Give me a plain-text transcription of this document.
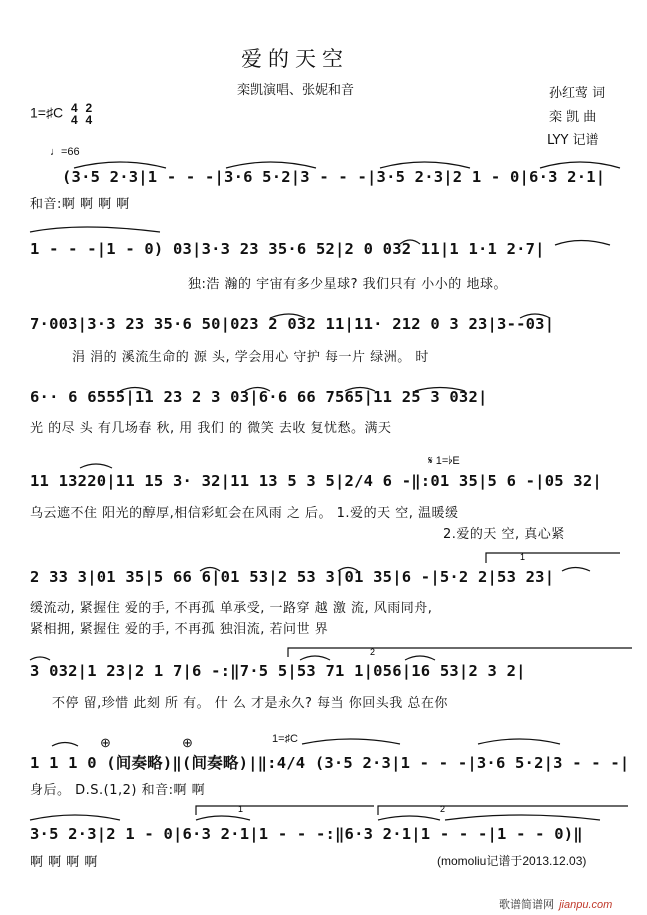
爱的天空
栾凯演唱、张妮和音	孙红莺 词
栾 凯 曲
LYY 记谱
1=♯C 4
4

2
4
♩=66
1
2
1	2
𝄋 1=♭E
1=♯C
⊕	⊕
(3·5 2·3|1 - - -|3·6 5·2|3 - - -|3·5 2·3|2 1 - 0|6·3 2·1|
和音:啊 啊 啊 啊
1 - - -|1 - 0) 03|3·3 23 35·6 52|2 0 032 11|1 1·1 2·7|
独:浩 瀚的 宇宙有多少星球? 我们只有 小小的 地球。
7·003|3·3 23 35·6 50|023 2 032 11|11· 212 0 3 23|3--03|
涓 涓的 溪流生命的 源 头, 学会用心 守护 每一片 绿洲。 时
6·· 6 6555|11 23 2 3 03|6·6 66 7565|11 25 3 032|
光 的尽 头 有几场春 秋, 用 我们 的 微笑 去收 复忧愁。满天
11 13220|11 15 3· 32|11 13 5 3 5|2/4 6 -‖:01 35|5 6 -|05 32|
乌云遮不住 阳光的醇厚,相信彩虹会在风雨 之 后。 1.爱的天 空, 温暖缓
2.爱的天 空, 真心紧
2 33 3|01 35|5 66 6|01 53|2 53 3|01 35|6 -|5·2 2|53 23|
缓流动, 紧握住 爱的手, 不再孤 单承受, 一路穿 越 激 流, 风雨同舟,
紧相拥, 紧握住 爱的手, 不再孤 独泪流, 若问世 界
3 032|1 23|2 1 7|6 -:‖7·5 5|53 71 1|056|16 53|2 3 2|
不停 留,珍惜 此刻 所 有。 什 么 才是永久? 每当 你回头我 总在你
1 1 1 0 (间奏略)‖(间奏略)|‖:4/4 (3·5 2·3|1 - - -|3·6 5·2|3 - - -|
身后。 D.S.(1,2) 和音:啊 啊
3·5 2·3|2 1 - 0|6·3 2·1|1 - - -:‖6·3 2·1|1 - - -|1 - - 0)‖
啊 啊 啊 啊	(momoliu记谱于2013.12.03)
歌谱简谱网 jianpu.com
